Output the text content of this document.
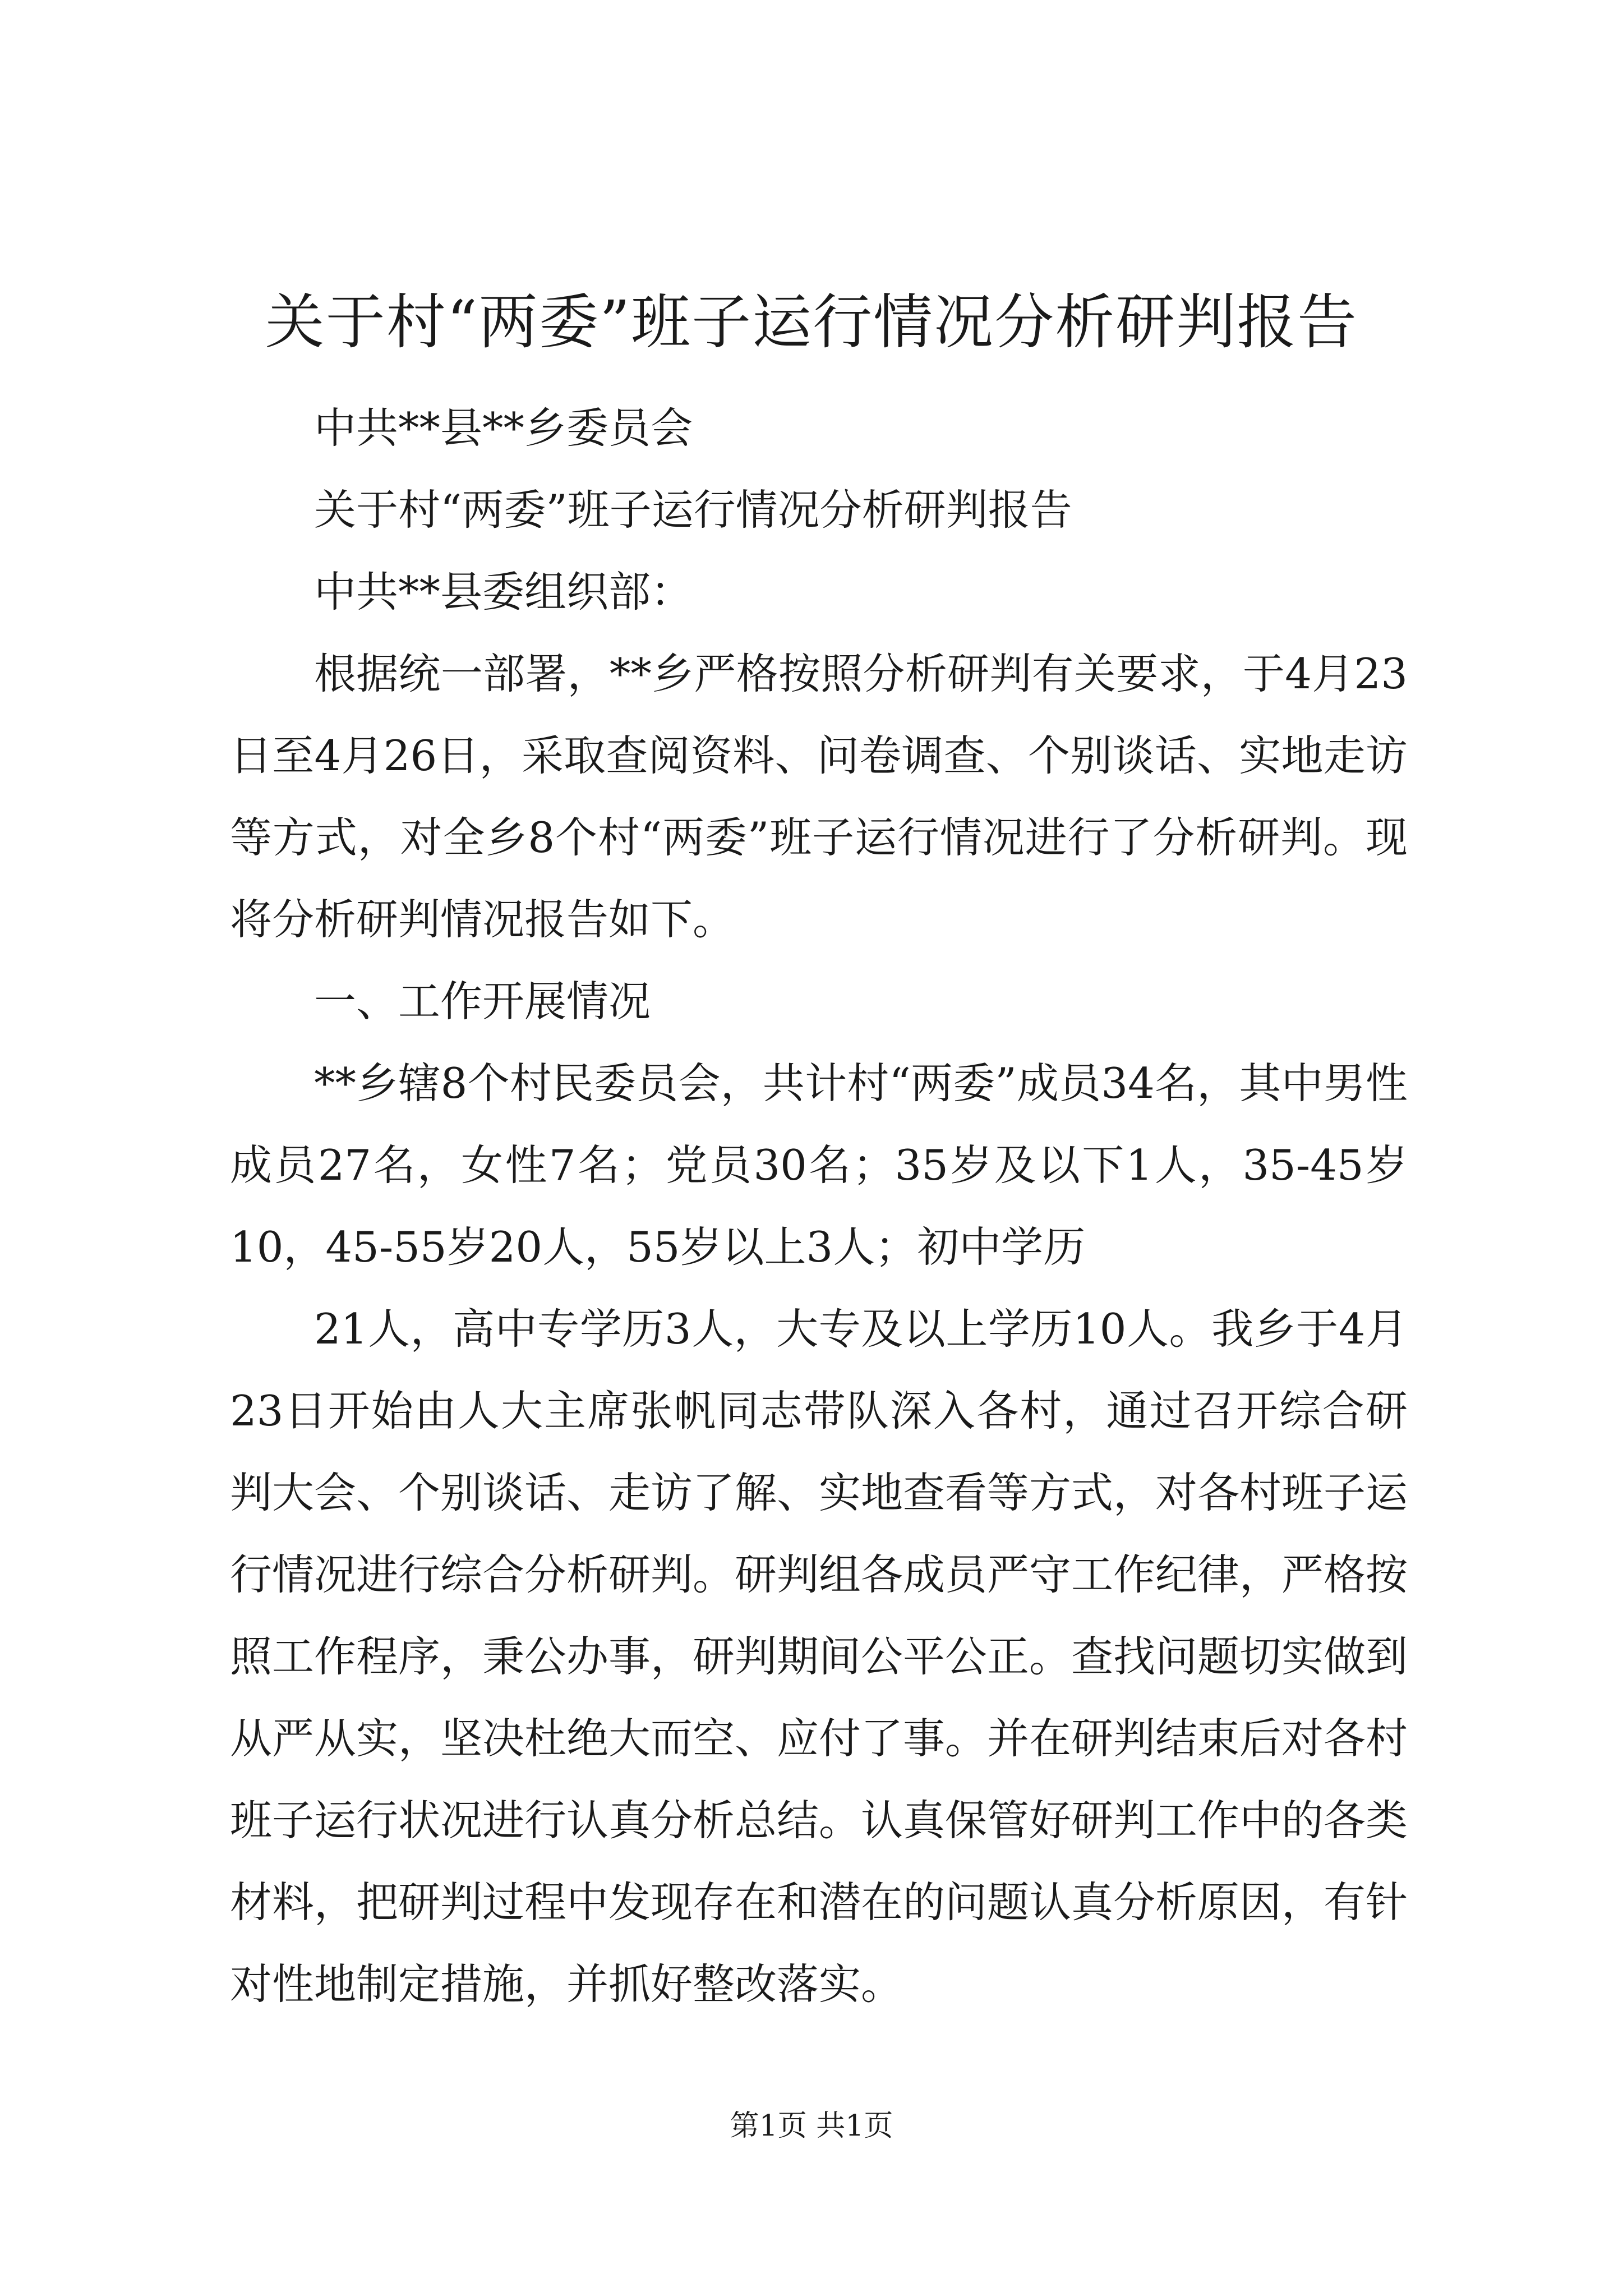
关于村“两委”班子运行情况分析研判报告

中共**县**乡委员会

关于村“两委”班子运行情况分析研判报告

中共**县委组织部：

根据统一部署，**乡严格按照分析研判有关要求，于4月23日至4月26日，采取查阅资料、问卷调查、个别谈话、实地走访等方式，对全乡8个村“两委”班子运行情况进行了分析研判。现将分析研判情况报告如下。

一、工作开展情况

**乡辖8个村民委员会，共计村“两委”成员34名，其中男性成员27名，女性7名；党员30名；35岁及以下1人，35-45岁10，45-55岁20人，55岁以上3人；初中学历

21人，高中专学历3人，大专及以上学历10人。我乡于4月23日开始由人大主席张帆同志带队深入各村，通过召开综合研判大会、个别谈话、走访了解、实地查看等方式，对各村班子运行情况进行综合分析研判。研判组各成员严守工作纪律，严格按照工作程序，秉公办事，研判期间公平公正。查找问题切实做到从严从实，坚决杜绝大而空、应付了事。并在研判结束后对各村班子运行状况进行认真分析总结。认真保管好研判工作中的各类材料，把研判过程中发现存在和潜在的问题认真分析原因，有针对性地制定措施，并抓好整改落实。

第1页 共1页
